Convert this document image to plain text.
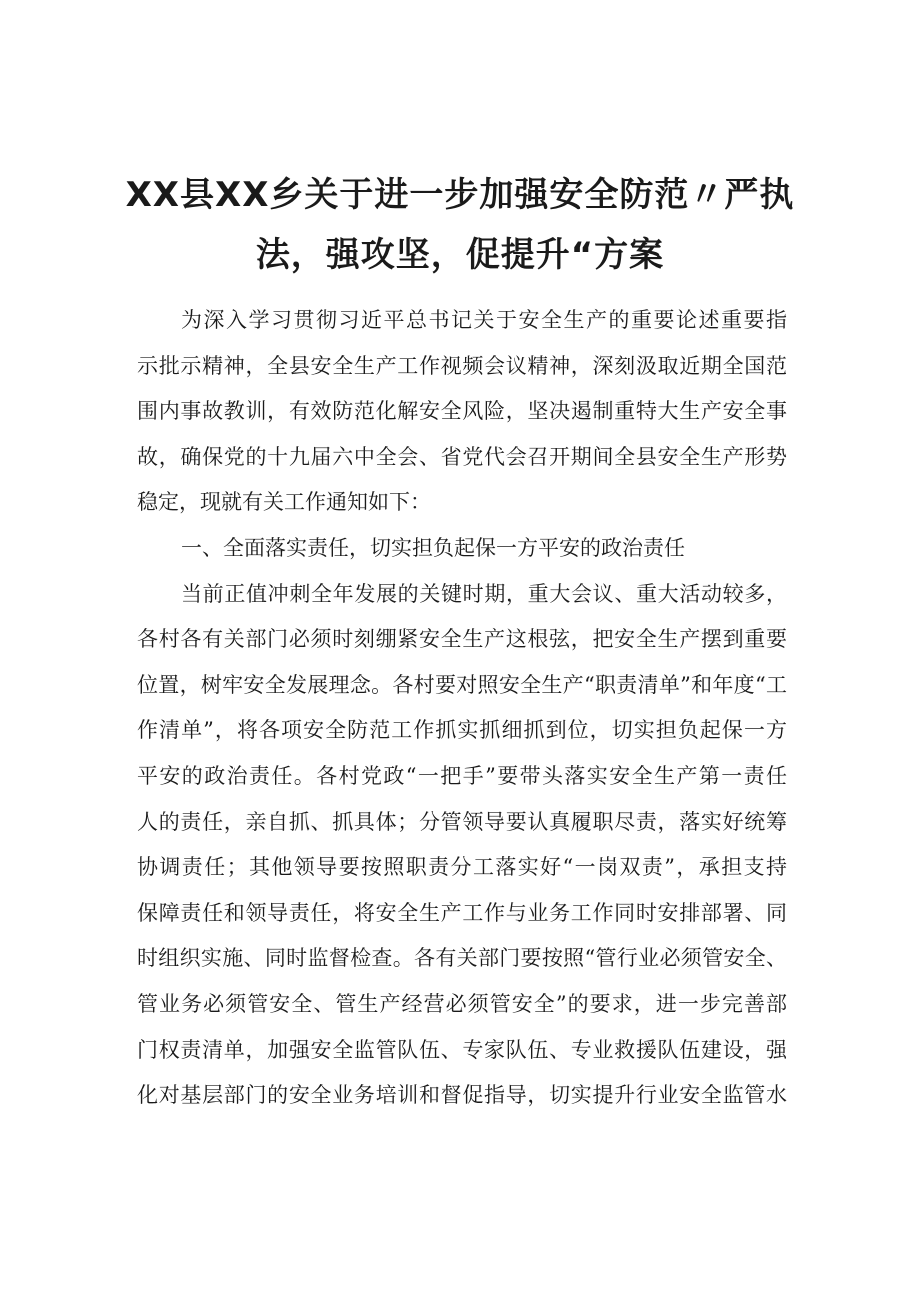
XX县XX乡关于进一步加强安全防范〃严执
法，强攻坚，促提升“方案
为深入学习贯彻习近平总书记关于安全生产的重要论述重要指
示批示精神，全县安全生产工作视频会议精神，深刻汲取近期全国范
围内事故教训，有效防范化解安全风险，坚决遏制重特大生产安全事
故，确保党的十九届六中全会、省党代会召开期间全县安全生产形势
稳定，现就有关工作通知如下：
一、全面落实责任，切实担负起保一方平安的政治责任
当前正值冲刺全年发展的关键时期，重大会议、重大活动较多，
各村各有关部门必须时刻绷紧安全生产这根弦，把安全生产摆到重要
位置，树牢安全发展理念。各村要对照安全生产“职责清单”和年度“工
作清单”，将各项安全防范工作抓实抓细抓到位，切实担负起保一方
平安的政治责任。各村党政“一把手”要带头落实安全生产第一责任
人的责任，亲自抓、抓具体；分管领导要认真履职尽责，落实好统筹
协调责任；其他领导要按照职责分工落实好“一岗双责”，承担支持
保障责任和领导责任，将安全生产工作与业务工作同时安排部署、同
时组织实施、同时监督检查。各有关部门要按照“管行业必须管安全、
管业务必须管安全、管生产经营必须管安全”的要求，进一步完善部
门权责清单，加强安全监管队伍、专家队伍、专业救援队伍建设，强
化对基层部门的安全业务培训和督促指导，切实提升行业安全监管水
